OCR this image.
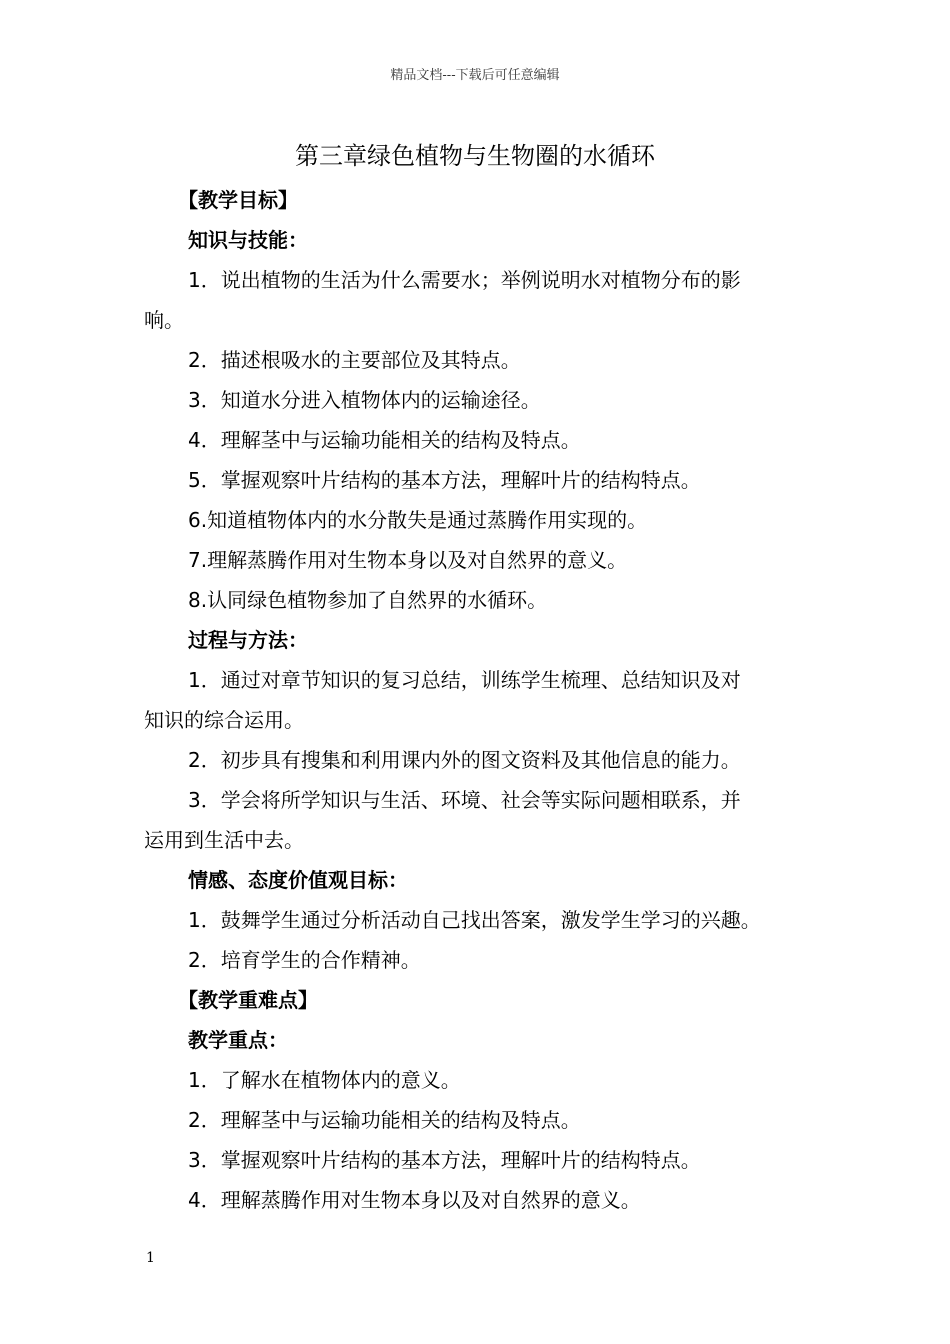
精品文档---下载后可任意编辑
第三章绿色植物与生物圈的水循环
【教学目标】
知识与技能：
1．说出植物的生活为什么需要水；举例说明水对植物分布的影
响。
2．描述根吸水的主要部位及其特点。
3．知道水分进入植物体内的运输途径。
4．理解茎中与运输功能相关的结构及特点。
5．掌握观察叶片结构的基本方法，理解叶片的结构特点。
6.知道植物体内的水分散失是通过蒸腾作用实现的。
7.理解蒸腾作用对生物本身以及对自然界的意义。
8.认同绿色植物参加了自然界的水循环。
过程与方法：
1．通过对章节知识的复习总结，训练学生梳理、总结知识及对
知识的综合运用。
2．初步具有搜集和利用课内外的图文资料及其他信息的能力。
3．学会将所学知识与生活、环境、社会等实际问题相联系，并
运用到生活中去。
情感、态度价值观目标：
1．鼓舞学生通过分析活动自己找出答案，激发学生学习的兴趣。
2．培育学生的合作精神。
【教学重难点】
教学重点：
1．了解水在植物体内的意义。
2．理解茎中与运输功能相关的结构及特点。
3．掌握观察叶片结构的基本方法，理解叶片的结构特点。
4．理解蒸腾作用对生物本身以及对自然界的意义。
1
